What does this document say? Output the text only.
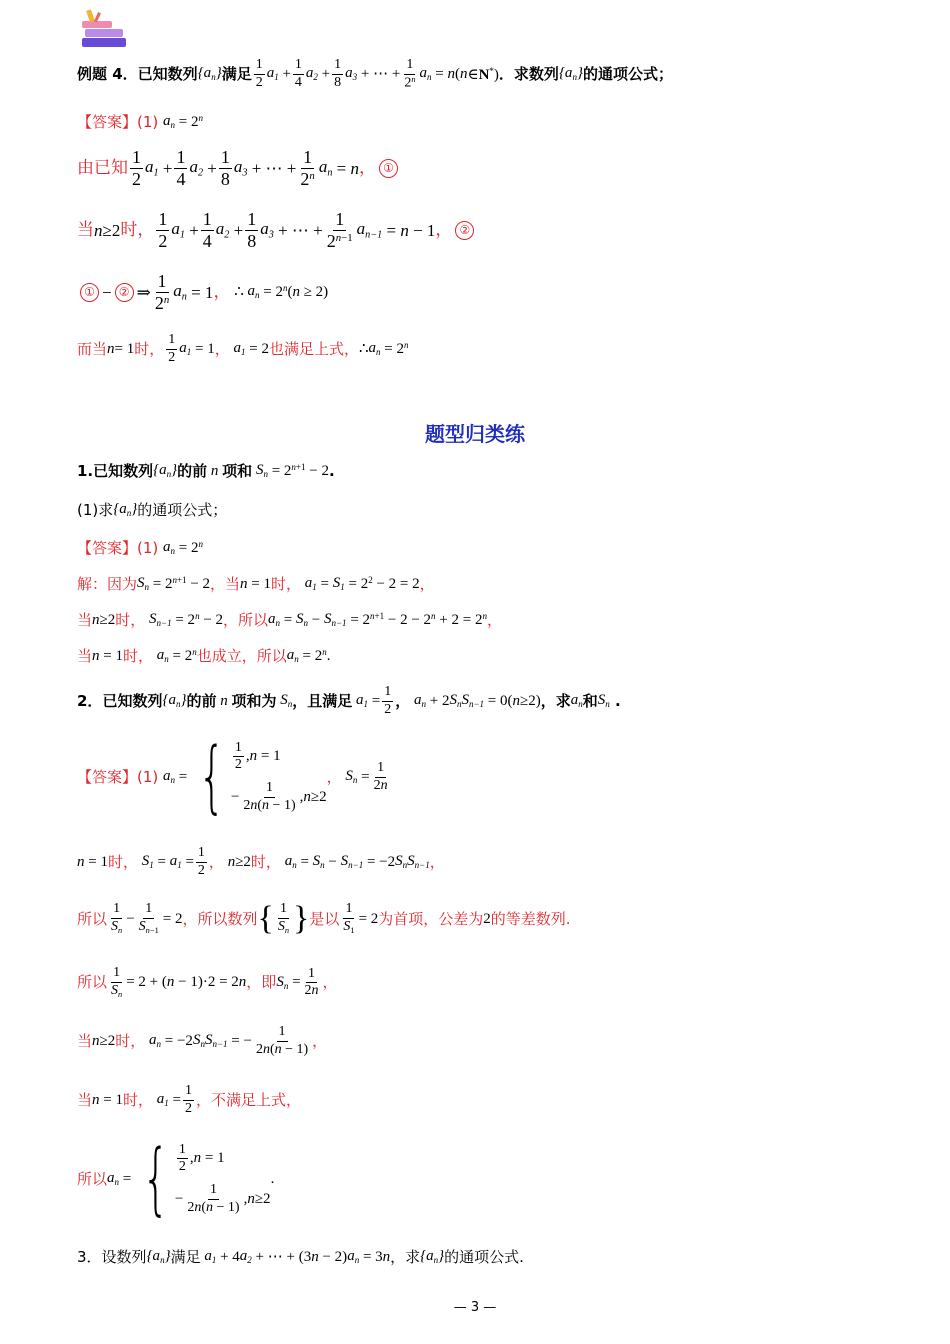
例题 4． 已知数列 $\{a_n\}$ 满足 $\frac{1}{2} a_1 + \frac{1}{4} a_2 + \frac{1}{8} a_3$ + ⋯ + $\frac{1}{2^n} a_n = n$ ( n ∈N*) ．求数列 $\{a_n\}$ 的通项公式；
【答案】 (1)
$a_n = 2^n$
由已知 $\frac{1}{2} a_1 + \frac{1}{4} a_2 + \frac{1}{8} a_3$ + ⋯ + $\frac{1}{2^n} a_n = n$ ， ①
当 n ≥2 时， $\frac{1}{2} a_1 + \frac{1}{4} a_2 + \frac{1}{8} a_3$ + ⋯ + $\frac{1}{2^{n-1}} a_{n-1} = n - 1$ ， ②
① − ② ⇒ $\frac{1}{2^n} a_n = 1$ ， ∴ $a_n = 2^n(n \ge 2)$
而当 n = 1 时， $\frac{1}{2} a_1 = 1$ ， $a_1 = 2$ 也满足上式， ∴ $a_n = 2^n$
题型归类练
1. 已知数列 $\{a_n\}$ 的前 n 项和 $S_n = 2^{n+1} - 2$ .
(1)求 $\{a_n\}$ 的通项公式；
【答案】 (1)
$a_n = 2^n$
解：因为 $S_n = 2^{n+1} - 2$ ，当 n = 1 时， $a_1 = S_1 = 2^2 - 2 = 2$ ，
当 n ≥2 时， $S_{n-1} = 2^n - 2$ ，所以 $a_n = S_n - S_{n-1} = 2^{n+1} - 2 - 2^n + 2 = 2^n$ ，
当 n = 1 时， $a_n = 2^n$ 也成立，所以 $a_n = 2^n$.
2． 已知数列 $\{a_n\}$ 的前 n 项和为 $S_n$ ，且满足 $a_1 = \frac{1}{2}$ ， $a_n + 2$ $S_nS_{n-1} = 0$( n ≥2) ，求 $a_n$ 和 $S_n$ .
【答案】 (1)
$a_n$ = { $\frac{1}{2}$ , n = 1
− $\frac{1}{2n(n - 1)}$ , n ≥2
， $S_n = \frac{1}{2n}$
n = 1 时， $S_1 = a_1 = \frac{1}{2}$ ， n ≥2 时， $a_n = S_n - S_{n-1} = -2$ $S_nS_{n-1}$ ，
所以 $\frac{1}{S_n} - \frac{1}{S_{n-1}} = 2$ ，所以数列 { $\frac{1}{S_n}$ } 是以 $\frac{1}{S_1} = 2$ 为首项，公差为 2 的等差数列.
所以 $\frac{1}{S_n} = 2$ + ( n − 1)·2 = 2 n ，即 $S_n = \frac{1}{2n}$ ，
当 n ≥2 时， $a_n = -2$ $S_nS_{n-1}$ = − $\frac{1}{2n(n - 1)}$ ，
当 n = 1 时， $a_1 = \frac{1}{2}$ ，不满足上式，
所以 $a_n$ = { $\frac{1}{2}$ , n = 1
− $\frac{1}{2n(n - 1)}$ , n ≥2
.
3． 设数列 $\{a_n\}$ 满足 $a_1 + 4$ $a_2$ + ⋯ + (3 n − 2) $a_n = 3$ n ，求 $\{a_n\}$ 的通项公式.
— 3 —
